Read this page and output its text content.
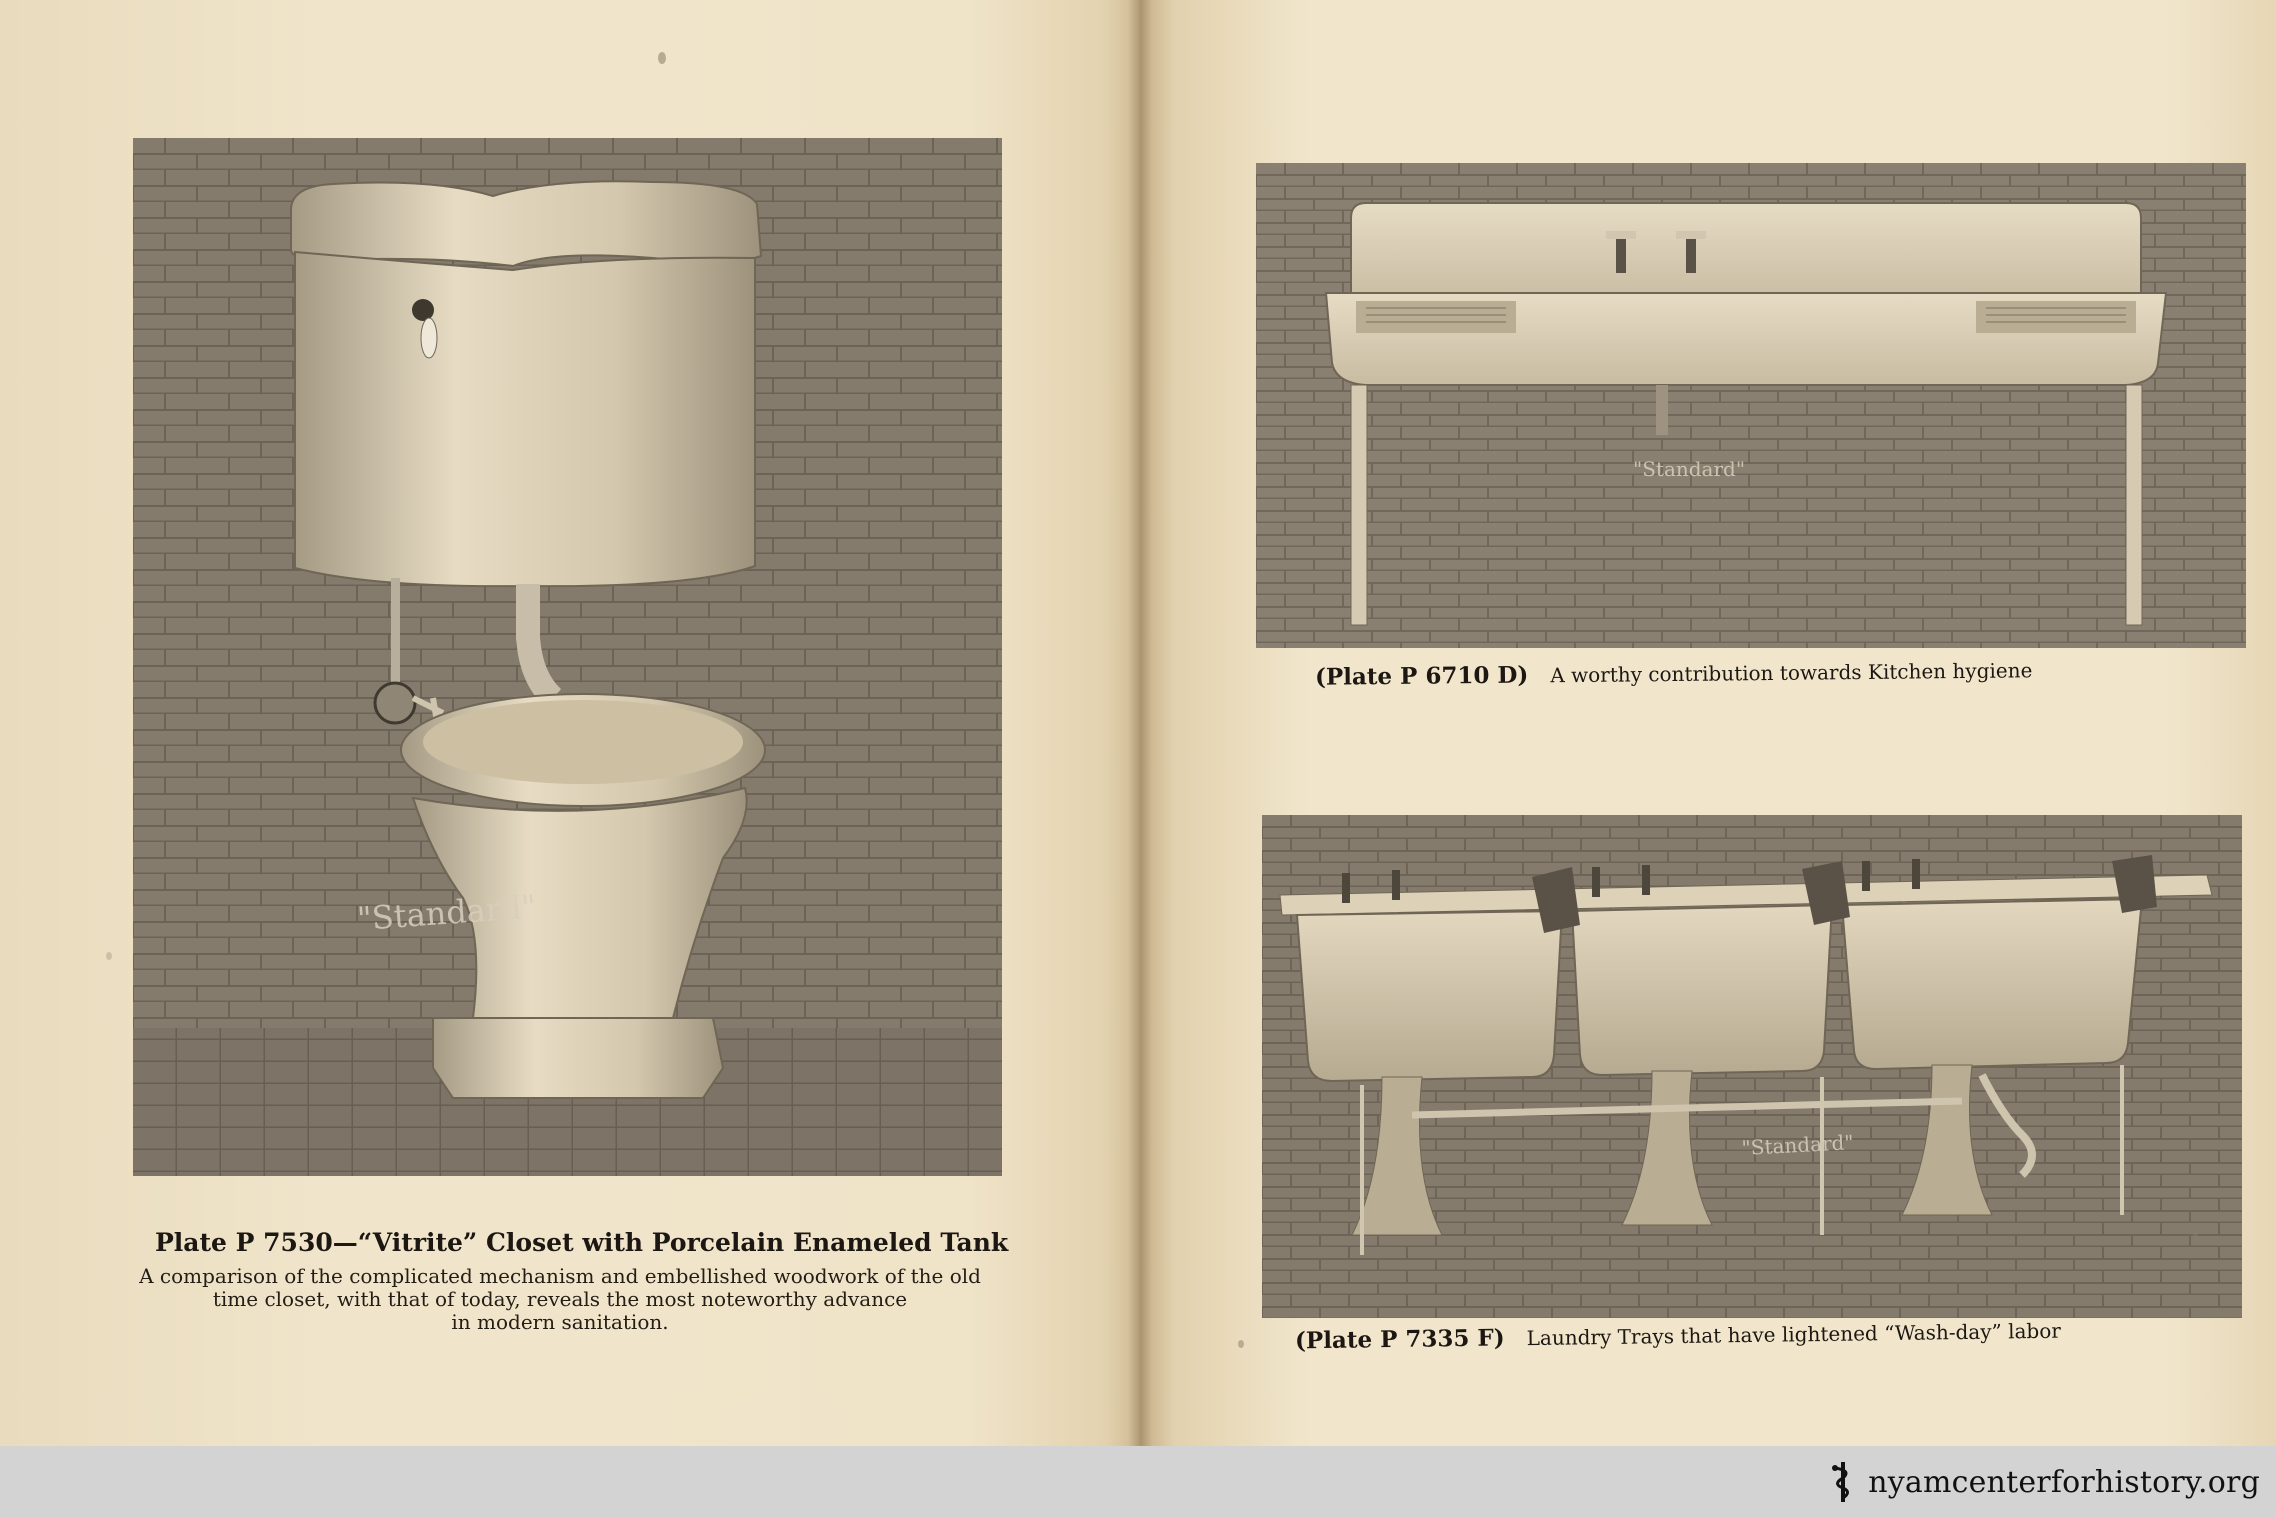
"Standard"
Plate P 7530—“Vitrite” Closet with Porcelain Enameled Tank
A comparison of the complicated mechanism and embellished woodwork of the old
time closet, with that of today, reveals the most noteworthy advance
in modern sanitation.
"Standard"
(Plate P 6710 D) A worthy contribution towards Kitchen hygiene
"Standard"
(Plate P 7335 F) Laundry Trays that have lightened “Wash-day” labor
nyamcenterforhistory.org
